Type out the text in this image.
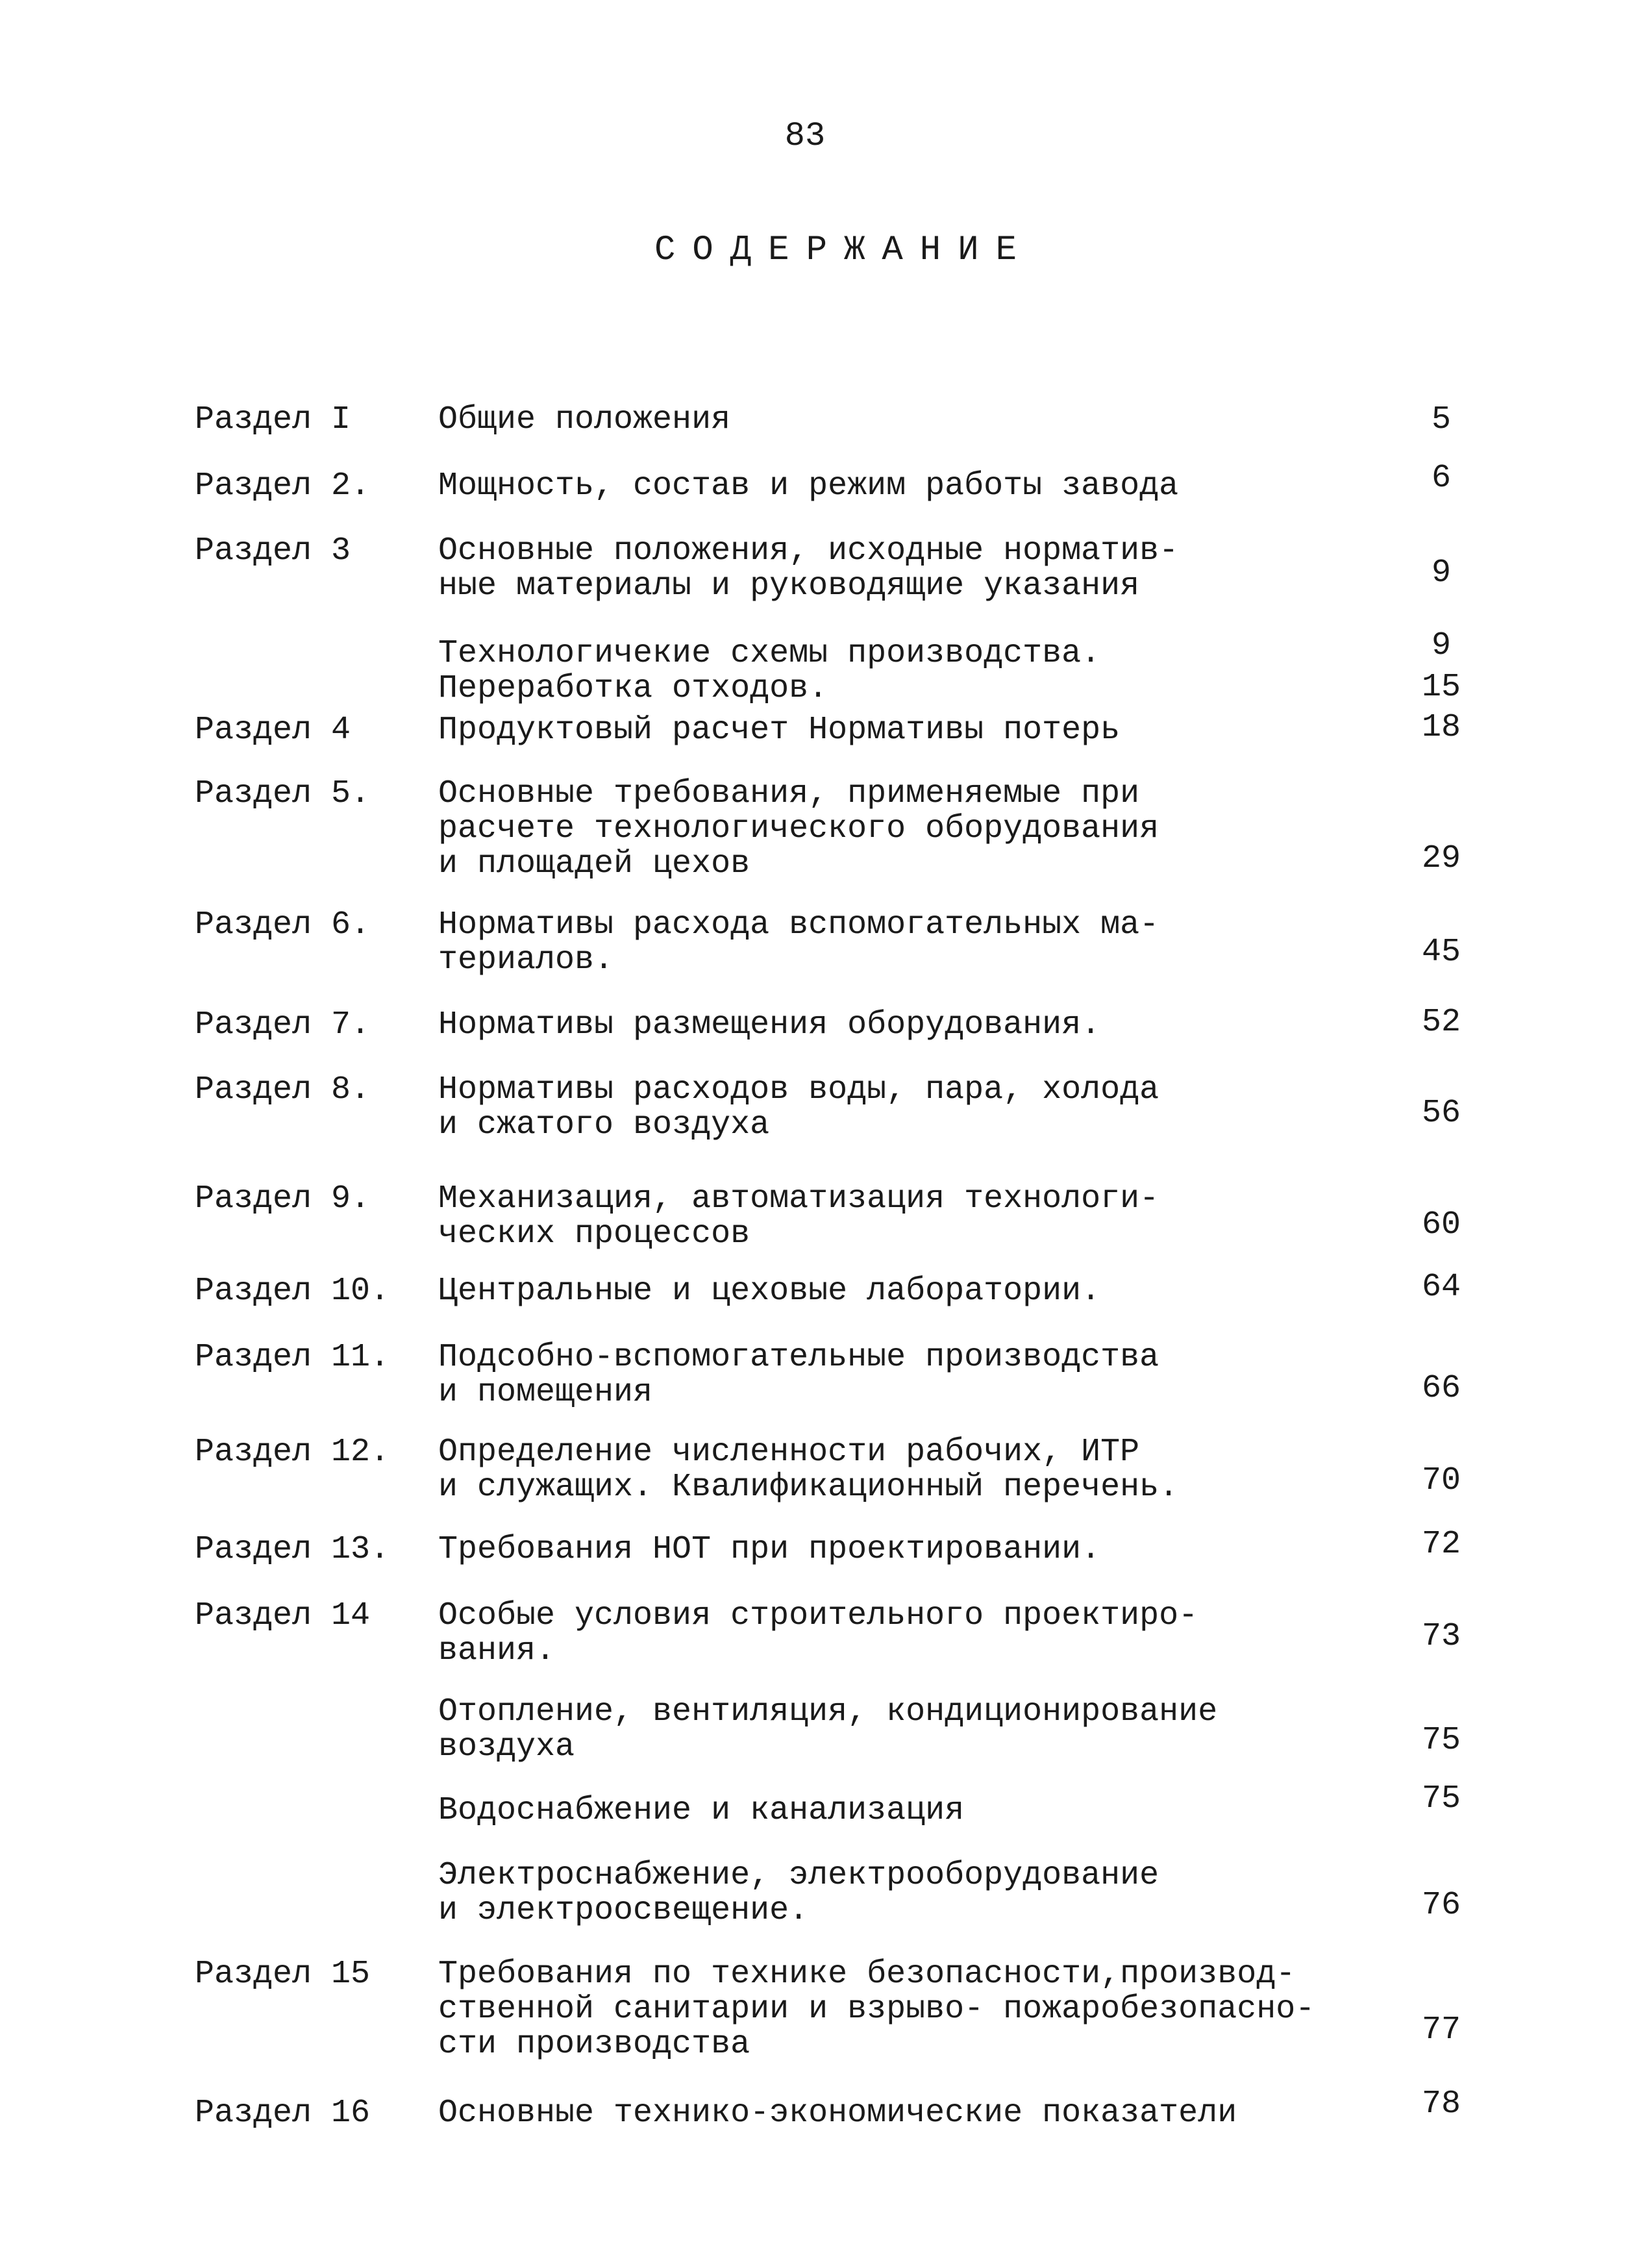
83
СОДЕРЖАНИЕ
Раздел I	Общие положения	5
Раздел 2. Мощность, состав и режим работы завода	6
Раздел 3	Основные положения, исходные норматив-
ные материалы и руководящие указания	9
Технологичекие схемы производства.	9
Переработка отходов.	15
Раздел 4	Продуктовый расчет Нормативы потерь	18
Раздел 5. Основные требования, применяемые при
расчете технологического оборудования
и площадей цехов	29
Раздел 6. Нормативы расхода вспомогательных ма-
териалов.	45
Раздел 7. Нормативы размещения оборудования.	52
Раздел 8. Нормативы расходов воды, пара, холода
и сжатого воздуха	56
Раздел 9. Механизация, автоматизация технологи-
ческих процессов	60
Раздел 10. Центральные и цеховые лаборатории.	64
Раздел 11. Подсобно-вспомогательные производства
и помещения	66
Раздел 12. Определение численности рабочих, ИТР
и служащих. Квалификационный перечень.	70
Раздел 13. Требования НОТ при проектировании.	72
Раздел 14 Особые условия строительного проектиро-
вания.	73
Отопление, вентиляция, кондиционирование
воздуха	75
Водоснабжение и канализация	75
Электроснабжение, электрооборудование
и электроосвещение.	76
Раздел 15 Требования по технике безопасности,производ-
ственной санитарии и взрыво- пожаробезопасно-
сти производства	77
Раздел 16 Основные технико-экономические показатели	78
